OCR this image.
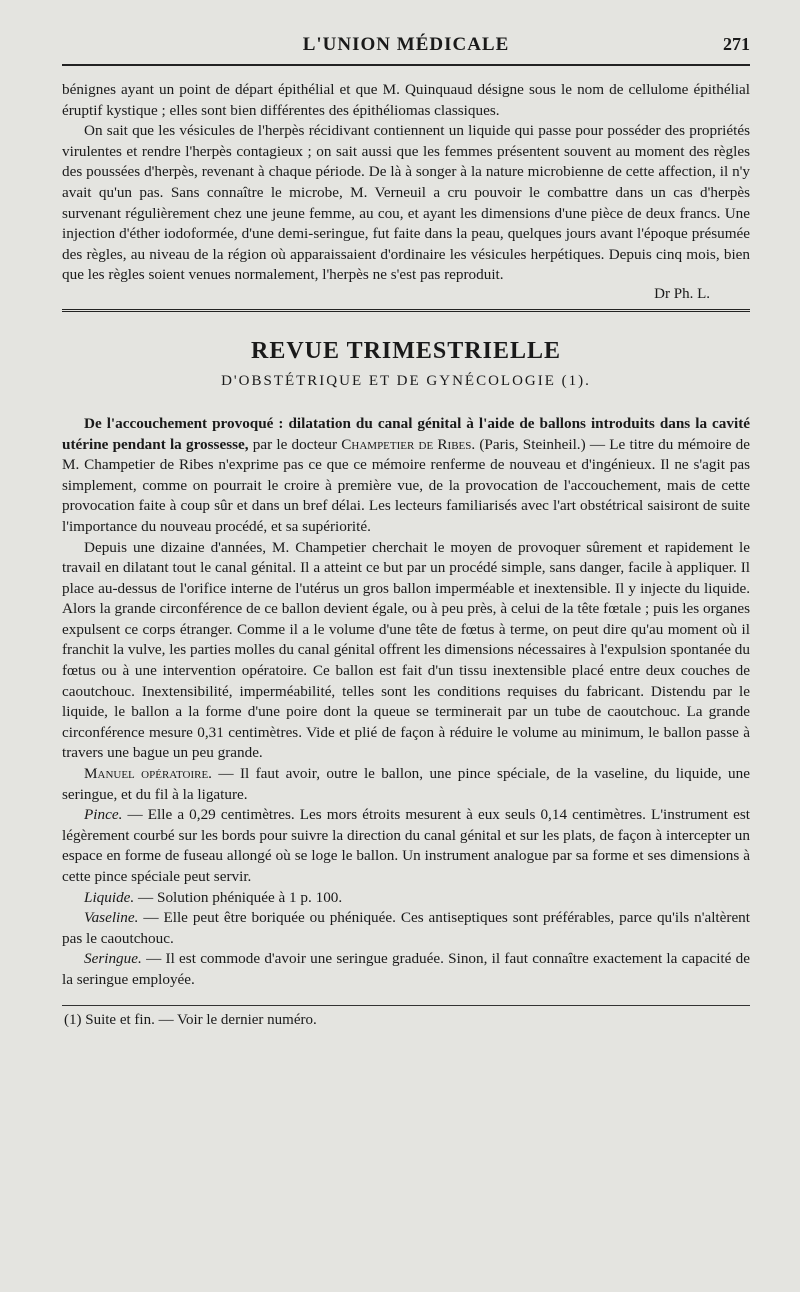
L'UNION MÉDICALE	271

bénignes ayant un point de départ épithélial et que M. Quinquaud désigne sous le nom de cellulome épithélial éruptif kystique ; elles sont bien différentes des épithéliomas classiques.

On sait que les vésicules de l'herpès récidivant contiennent un liquide qui passe pour posséder des propriétés virulentes et rendre l'herpès contagieux ; on sait aussi que les femmes présentent souvent au moment des règles des poussées d'herpès, revenant à chaque période. De là à songer à la nature microbienne de cette affection, il n'y avait qu'un pas. Sans connaître le microbe, M. Verneuil a cru pouvoir le combattre dans un cas d'herpès survenant régulièrement chez une jeune femme, au cou, et ayant les dimensions d'une pièce de deux francs. Une injection d'éther iodoformée, d'une demi-seringue, fut faite dans la peau, quelques jours avant l'époque présumée des règles, au niveau de la région où apparaissaient d'ordinaire les vésicules herpétiques. Depuis cinq mois, bien que les règles soient venues normalement, l'herpès ne s'est pas reproduit.

Dr Ph. L.
REVUE TRIMESTRIELLE
D'OBSTÉTRIQUE ET DE GYNÉCOLOGIE (1).

De l'accouchement provoqué : dilatation du canal génital à l'aide de ballons introduits dans la cavité utérine pendant la grossesse, par le docteur Champetier de Ribes. (Paris, Steinheil.) — Le titre du mémoire de M. Champetier de Ribes n'exprime pas ce que ce mémoire renferme de nouveau et d'ingénieux. Il ne s'agit pas simplement, comme on pourrait le croire à première vue, de la provocation de l'accouchement, mais de cette provocation faite à coup sûr et dans un bref délai. Les lecteurs familiarisés avec l'art obstétrical saisiront de suite l'importance du nouveau procédé, et sa supériorité.

Depuis une dizaine d'années, M. Champetier cherchait le moyen de provoquer sûrement et rapidement le travail en dilatant tout le canal génital. Il a atteint ce but par un procédé simple, sans danger, facile à appliquer. Il place au-dessus de l'orifice interne de l'utérus un gros ballon imperméable et inextensible. Il y injecte du liquide. Alors la grande circonférence de ce ballon devient égale, ou à peu près, à celui de la tête fœtale ; puis les organes expulsent ce corps étranger. Comme il a le volume d'une tête de fœtus à terme, on peut dire qu'au moment où il franchit la vulve, les parties molles du canal génital offrent les dimensions nécessaires à l'expulsion spontanée du fœtus ou à une intervention opératoire. Ce ballon est fait d'un tissu inextensible placé entre deux couches de caoutchouc. Inextensibilité, imperméabilité, telles sont les conditions requises du fabricant. Distendu par le liquide, le ballon a la forme d'une poire dont la queue se terminerait par un tube de caoutchouc. La grande circonférence mesure 0,31 centimètres. Vide et plié de façon à réduire le volume au minimum, le ballon passe à travers une bague un peu grande.

Manuel opératoire. — Il faut avoir, outre le ballon, une pince spéciale, de la vaseline, du liquide, une seringue, et du fil à la ligature.

Pince. — Elle a 0,29 centimètres. Les mors étroits mesurent à eux seuls 0,14 centimètres. L'instrument est légèrement courbé sur les bords pour suivre la direction du canal génital et sur les plats, de façon à intercepter un espace en forme de fuseau allongé où se loge le ballon. Un instrument analogue par sa forme et ses dimensions à cette pince spéciale peut servir.

Liquide. — Solution phéniquée à 1 p. 100.

Vaseline. — Elle peut être boriquée ou phéniquée. Ces antiseptiques sont préférables, parce qu'ils n'altèrent pas le caoutchouc.

Seringue. — Il est commode d'avoir une seringue graduée. Sinon, il faut connaître exactement la capacité de la seringue employée.

(1) Suite et fin. — Voir le dernier numéro.
